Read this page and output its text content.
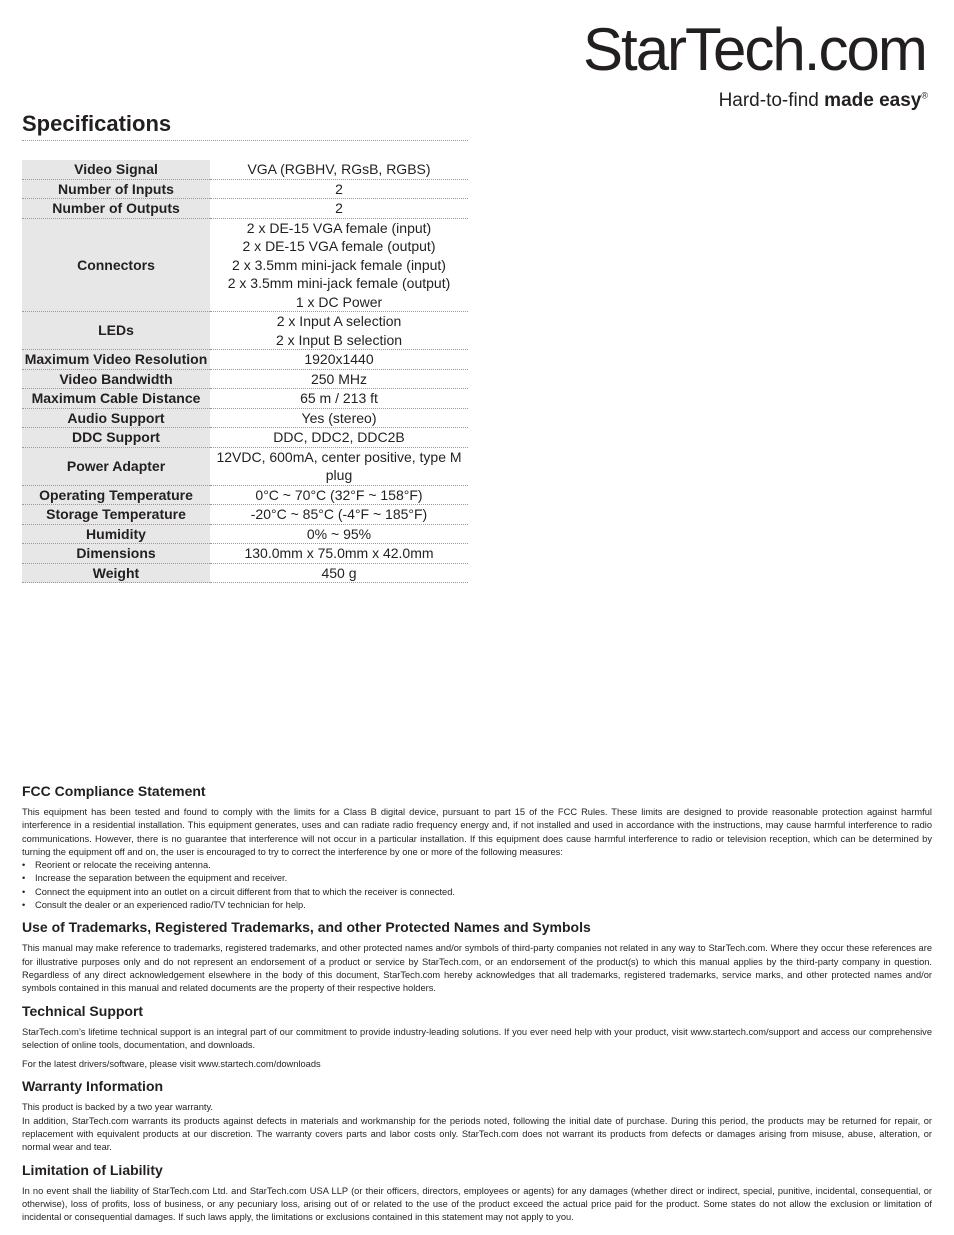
StarTech.com
Hard-to-find made easy®
Specifications
Video Signal	VGA (RGBHV, RGsB, RGBS)

Number of Inputs	2

Number of Outputs	2

Connectors	2 x DE-15 VGA female (input)
2 x DE-15 VGA female (output)
2 x 3.5mm mini-jack female (input)
2 x 3.5mm mini-jack female (output)
1 x DC Power

LEDs	2 x Input A selection
2 x Input B selection

Maximum Video Resolution	1920x1440

Video Bandwidth	250 MHz

Maximum Cable Distance	65 m / 213 ft

Audio Support	Yes (stereo)

DDC Support	DDC, DDC2, DDC2B

Power Adapter	12VDC, 600mA, center positive, type M plug

Operating Temperature	0°C ~ 70°C (32°F ~ 158°F)

Storage Temperature	-20°C ~ 85°C (-4°F ~ 185°F)

Humidity	0% ~ 95%

Dimensions	130.0mm x 75.0mm x 42.0mm

Weight	450 g
FCC Compliance Statement

This equipment has been tested and found to comply with the limits for a Class B digital device, pursuant to part 15 of the FCC Rules. These limits are designed to provide reasonable protection against harmful interference in a residential installation. This equipment generates, uses and can radiate radio frequency energy and, if not installed and used in accordance with the instructions, may cause harmful interference to radio communications. However, there is no guarantee that interference will not occur in a particular installation. If this equipment does cause harmful interference to radio or television reception, which can be determined by turning the equipment off and on, the user is encouraged to try to correct the interference by one or more of the following measures:

• Reorient or relocate the receiving antenna.
• Increase the separation between the equipment and receiver.
• Connect the equipment into an outlet on a circuit different from that to which the receiver is connected.
• Consult the dealer or an experienced radio/TV technician for help.
Use of Trademarks, Registered Trademarks, and other Protected Names and Symbols

This manual may make reference to trademarks, registered trademarks, and other protected names and/or symbols of third-party companies not related in any way to StarTech.com. Where they occur these references are for illustrative purposes only and do not represent an endorsement of a product or service by StarTech.com, or an endorsement of the product(s) to which this manual applies by the third-party company in question. Regardless of any direct acknowledgement elsewhere in the body of this document, StarTech.com hereby acknowledges that all trademarks, registered trademarks, service marks, and other protected names and/or symbols contained in this manual and related documents are the property of their respective holders.

Technical Support

StarTech.com’s lifetime technical support is an integral part of our commitment to provide industry-leading solutions. If you ever need help with your product, visit www.startech.com/support and access our comprehensive selection of online tools, documentation, and downloads.

For the latest drivers/software, please visit www.startech.com/downloads

Warranty Information

This product is backed by a two year warranty.

In addition, StarTech.com warrants its products against defects in materials and workmanship for the periods noted, following the initial date of purchase. During this period, the products may be returned for repair, or replacement with equivalent products at our discretion. The warranty covers parts and labor costs only. StarTech.com does not warrant its products from defects or damages arising from misuse, abuse, alteration, or normal wear and tear.

Limitation of Liability

In no event shall the liability of StarTech.com Ltd. and StarTech.com USA LLP (or their officers, directors, employees or agents) for any damages (whether direct or indirect, special, punitive, incidental, consequential, or otherwise), loss of profits, loss of business, or any pecuniary loss, arising out of or related to the use of the product exceed the actual price paid for the product. Some states do not allow the exclusion or limitation of incidental or consequential damages. If such laws apply, the limitations or exclusions contained in this statement may not apply to you.
